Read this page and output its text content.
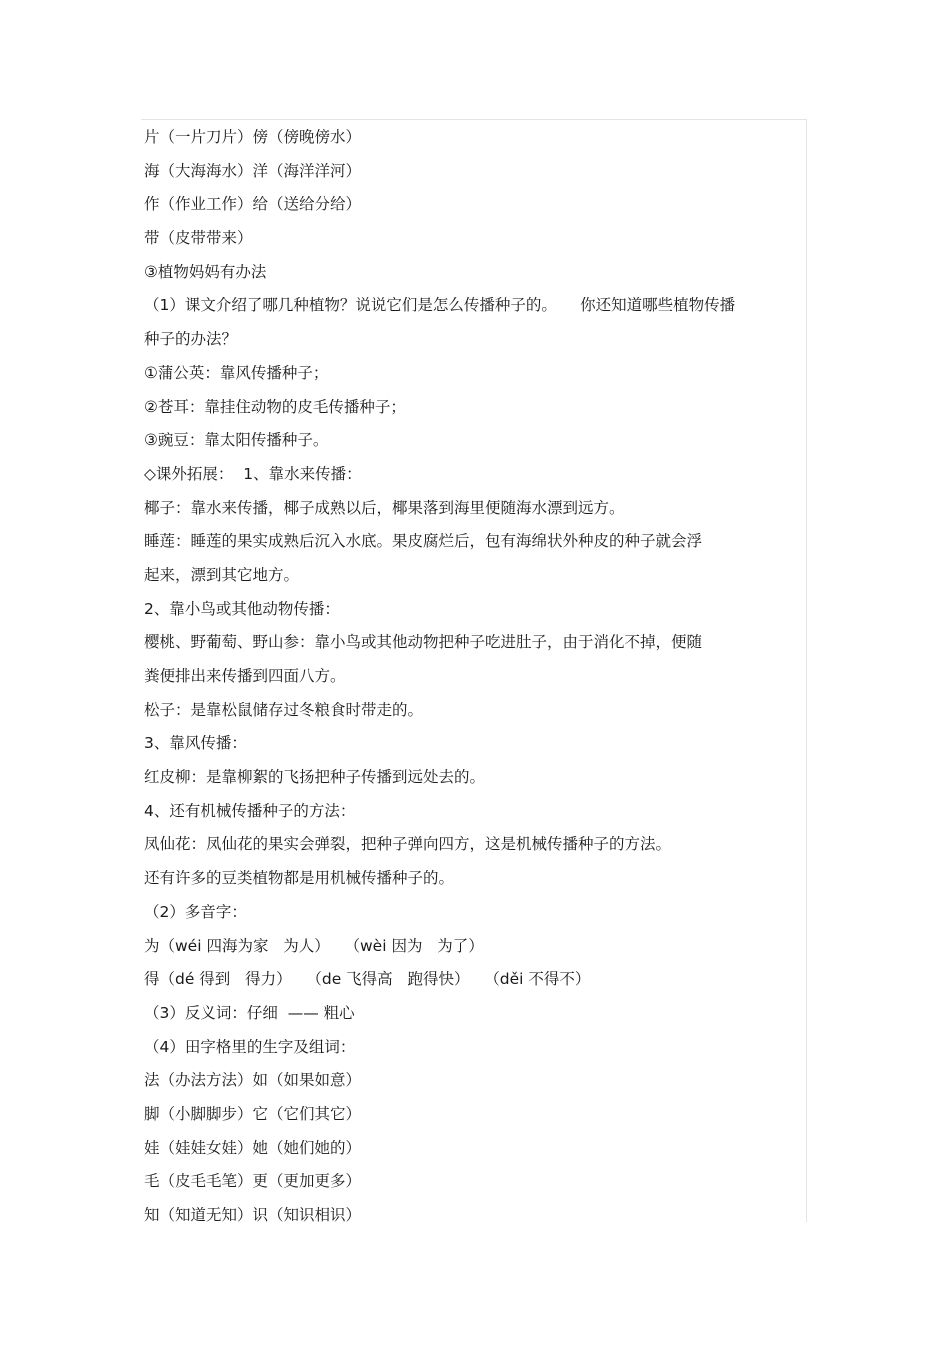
片（一片刀片）傍（傍晚傍水）
海（大海海水）洋（海洋洋河）
作（作业工作）给（送给分给）
带（皮带带来）
③植物妈妈有办法
（1）课文介绍了哪几种植物？说说它们是怎么传播种子的。　　你还知道哪些植物传播
种子的办法？
①蒲公英：靠风传播种子；
②苍耳：靠挂住动物的皮毛传播种子；
③豌豆：靠太阳传播种子。
◇课外拓展：  1、靠水来传播：
椰子：靠水来传播，椰子成熟以后，椰果落到海里便随海水漂到远方。
睡莲：睡莲的果实成熟后沉入水底。果皮腐烂后，包有海绵状外种皮的种子就会浮
起来，漂到其它地方。
2、靠小鸟或其他动物传播：
樱桃、野葡萄、野山参：靠小鸟或其他动物把种子吃进肚子，由于消化不掉，便随
粪便排出来传播到四面八方。
松子：是靠松鼠储存过冬粮食时带走的。
3、靠风传播：
红皮柳：是靠柳絮的飞扬把种子传播到远处去的。
4、还有机械传播种子的方法：
凤仙花：凤仙花的果实会弹裂，把种子弹向四方，这是机械传播种子的方法。
还有许多的豆类植物都是用机械传播种子的。
（2）多音字：
为（wéi 四海为家   为人）   （wèi 因为   为了）
得（dé 得到   得力）   （de 飞得高   跑得快）   （děi 不得不）
（3）反义词：仔细  —— 粗心
（4）田字格里的生字及组词：
法（办法方法）如（如果如意）
脚（小脚脚步）它（它们其它）
娃（娃娃女娃）她（她们她的）
毛（皮毛毛笔）更（更加更多）
知（知道无知）识（知识相识）
